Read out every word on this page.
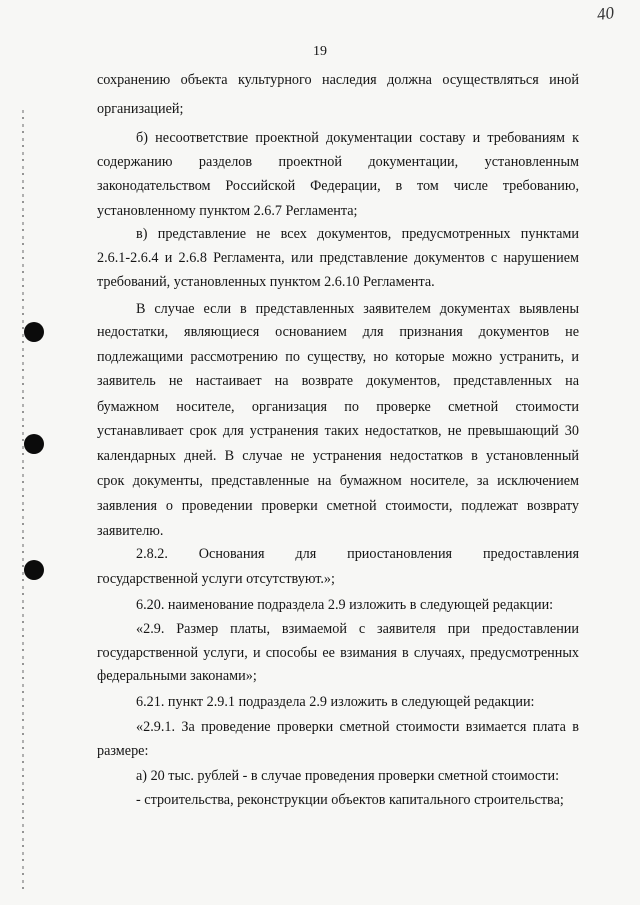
40
19
сохранению объекта культурного наследия должна осуществляться иной
организацией;
б) несоответствие проектной документации составу и требованиям к
содержанию разделов проектной документации, установленным
законодательством Российской Федерации, в том числе требованию,
установленному пунктом 2.6.7 Регламента;
в) представление не всех документов, предусмотренных пунктами
2.6.1-2.6.4 и 2.6.8 Регламента, или представление документов с нарушением
требований, установленных пунктом 2.6.10 Регламента.
В случае если в представленных заявителем документах выявлены
недостатки, являющиеся основанием для признания документов не
подлежащими рассмотрению по существу, но которые можно устранить, и
заявитель не настаивает на возврате документов, представленных на
бумажном носителе, организация по проверке сметной стоимости
устанавливает срок для устранения таких недостатков, не превышающий 30
календарных дней. В случае не устранения недостатков в установленный
срок документы, представленные на бумажном носителе, за исключением
заявления о проведении проверки сметной стоимости, подлежат возврату
заявителю.
2.8.2. Основания для приостановления предоставления
государственной услуги отсутствуют.»;
6.20. наименование подраздела 2.9 изложить в следующей редакции:
«2.9. Размер платы, взимаемой с заявителя при предоставлении
государственной услуги, и способы ее взимания в случаях, предусмотренных
федеральными законами»;
6.21. пункт 2.9.1 подраздела 2.9 изложить в следующей редакции:
«2.9.1. За проведение проверки сметной стоимости взимается плата в
размере:
а) 20 тыс. рублей - в случае проведения проверки сметной стоимости:
- строительства, реконструкции объектов капитального строительства;
